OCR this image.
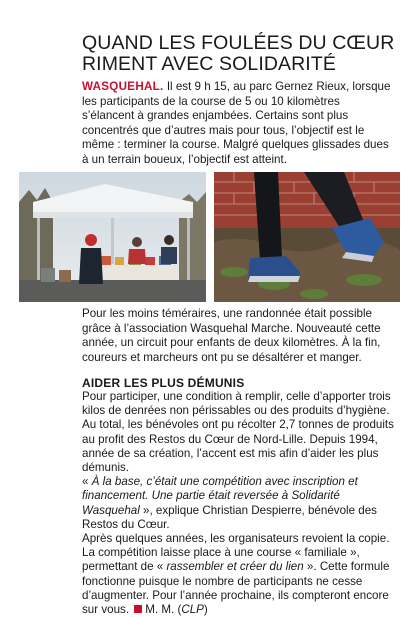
QUAND LES FOULÉES DU CŒUR
RIMENT AVEC SOLIDARITÉ

WASQUEHAL. Il est 9 h 15, au parc Gernez Rieux, lorsque les participants de la course de 5 ou 10 kilomètres s’élancent à grandes enjambées. Certains sont plus concentrés que d’autres mais pour tous, l’objectif est le même : terminer la course. Malgré quelques glissades dues à un terrain boueux, l’objectif est atteint.

Pour les moins téméraires, une randonnée était possible grâce à l’association Wasquehal Marche. Nouveauté cette année, un circuit pour enfants de deux kilomètres. À la fin, coureurs et marcheurs ont pu se désaltérer et manger.

AIDER LES PLUS DÉMUNIS
Pour participer, une condition à remplir, celle d’apporter trois kilos de denrées non périssables ou des produits d’hygiène. Au total, les bénévoles ont pu récolter 2,7 tonnes de produits au profit des Restos du Cœur de Nord-Lille. Depuis 1994, année de sa création, l’accent est mis afin d’aider les plus démunis.
« À la base, c’était une compétition avec inscription et financement. Une partie était reversée à Solidarité Wasquehal », explique Christian Despierre, bénévole des Restos du Cœur.
Après quelques années, les organisateurs revoient la copie. La compétition laisse place à une course « familiale », permettant de « rassembler et créer du lien ». Cette formule fonctionne puisque le nombre de participants ne cesse d’augmenter. Pour l’année prochaine, ils compteront encore sur vous. M. M. (CLP)
